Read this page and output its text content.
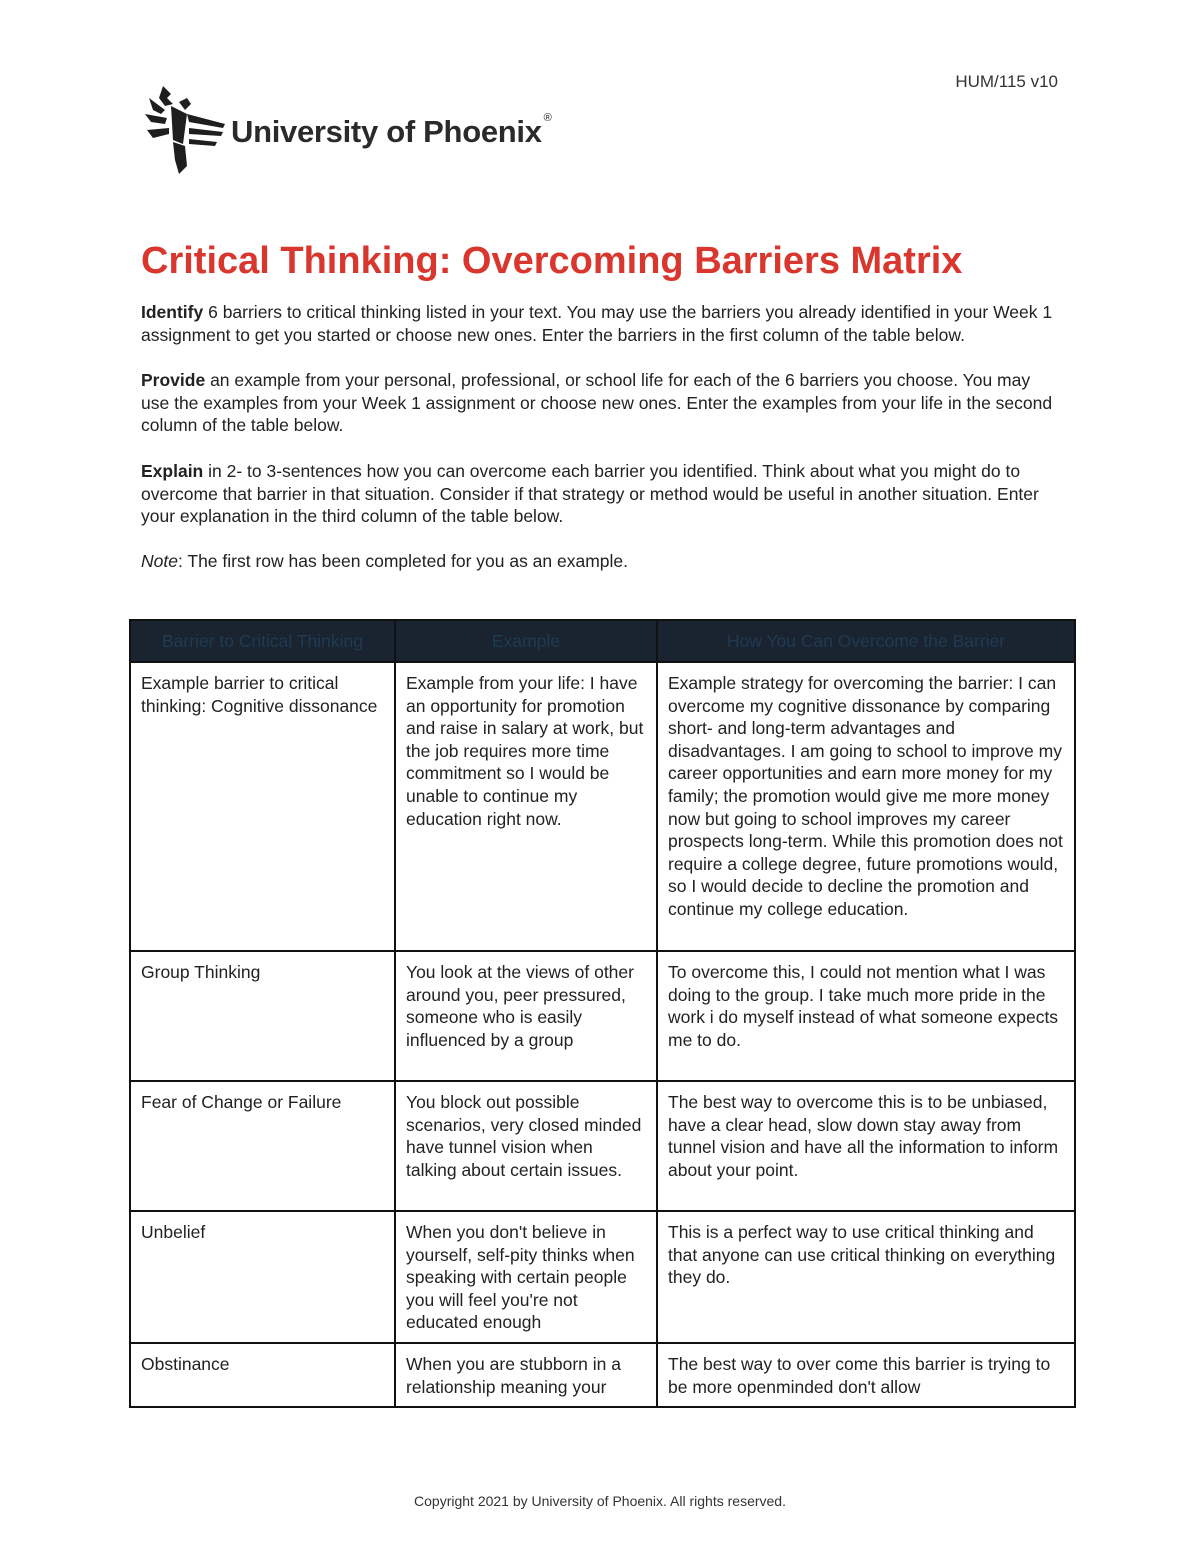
HUM/115 v10
University of Phoenix ®
Critical Thinking: Overcoming Barriers Matrix

Identify 6 barriers to critical thinking listed in your text. You may use the barriers you already identified in your Week 1 assignment to get you started or choose new ones. Enter the barriers in the first column of the table below.

Provide an example from your personal, professional, or school life for each of the 6 barriers you choose. You may use the examples from your Week 1 assignment or choose new ones. Enter the examples from your life in the second column of the table below.

Explain in 2- to 3-sentences how you can overcome each barrier you identified. Think about what you might do to overcome that barrier in that situation. Consider if that strategy or method would be useful in another situation. Enter your explanation in the third column of the table below.

Note: The first row has been completed for you as an example.

Barrier to Critical Thinking	Example	How You Can Overcome the Barrier
Example barrier to critical thinking: Cognitive dissonance	Example from your life: I have an opportunity for promotion and raise in salary at work, but the job requires more time commitment so I would be unable to continue my education right now.	Example strategy for overcoming the barrier: I can overcome my cognitive dissonance by comparing short- and long-term advantages and disadvantages. I am going to school to improve my career opportunities and earn more money for my family; the promotion would give me more money now but going to school improves my career prospects long-term. While this promotion does not require a college degree, future promotions would, so I would decide to decline the promotion and continue my college education.
Group Thinking	You look at the views of other around you, peer pressured, someone who is easily influenced by a group	To overcome this, I could not mention what I was doing to the group. I take much more pride in the work i do myself instead of what someone expects me to do.
Fear of Change or Failure	You block out possible scenarios, very closed minded have tunnel vision when talking about certain issues.	The best way to overcome this is to be unbiased, have a clear head, slow down stay away from tunnel vision and have all the information to inform about your point.
Unbelief	When you don't believe in yourself, self-pity thinks when speaking with certain people you will feel you're not educated enough	This is a perfect way to use critical thinking and that anyone can use critical thinking on everything they do.
Obstinance	When you are stubborn in a relationship meaning your	The best way to over come this barrier is trying to be more openminded don't allow
Copyright 2021 by University of Phoenix. All rights reserved.
